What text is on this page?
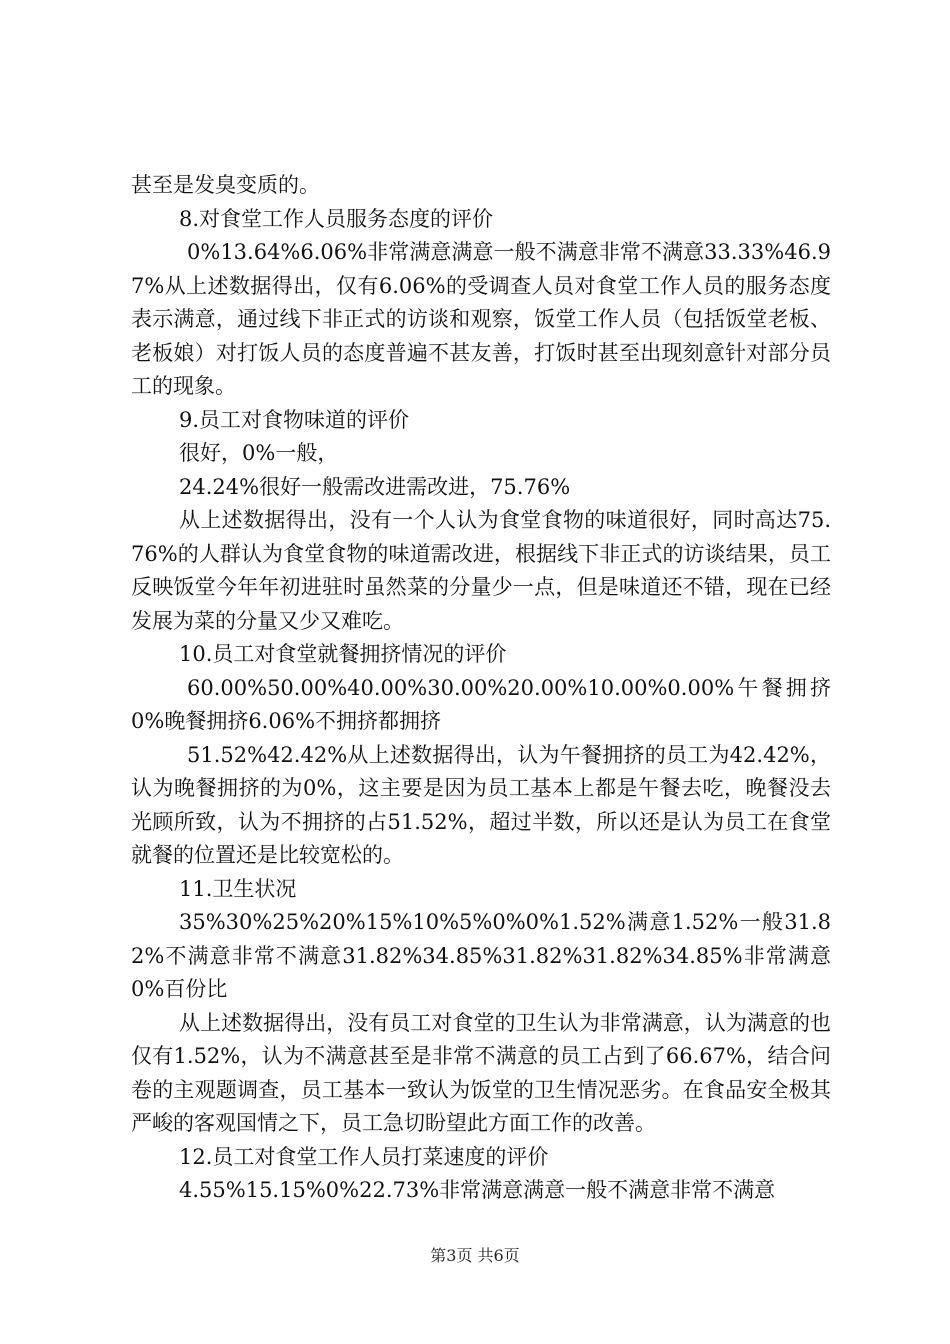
甚至是发臭变质的。

8.对食堂工作人员服务态度的评价

0%13.64%6.06%非常满意满意一般不满意非常不满意33.33%46.97%从上述数据得出，仅有6.06%的受调查人员对食堂工作人员的服务态度表示满意，通过线下非正式的访谈和观察，饭堂工作人员（包括饭堂老板、老板娘）对打饭人员的态度普遍不甚友善，打饭时甚至出现刻意针对部分员工的现象。

9.员工对食物味道的评价

很好，0%一般，

24.24%很好一般需改进需改进，75.76%

从上述数据得出，没有一个人认为食堂食物的味道很好，同时高达75.76%的人群认为食堂食物的味道需改进，根据线下非正式的访谈结果，员工反映饭堂今年年初进驻时虽然菜的分量少一点，但是味道还不错，现在已经发展为菜的分量又少又难吃。

10.员工对食堂就餐拥挤情况的评价

60.00%50.00%40.00%30.00%20.00%10.00%0.00%午餐拥挤0%晚餐拥挤6.06%不拥挤都拥挤

51.52%42.42%从上述数据得出，认为午餐拥挤的员工为42.42%，认为晚餐拥挤的为0%，这主要是因为员工基本上都是午餐去吃，晚餐没去光顾所致，认为不拥挤的占51.52%，超过半数，所以还是认为员工在食堂就餐的位置还是比较宽松的。

11.卫生状况

35%30%25%20%15%10%5%0%0%1.52%满意1.52%一般31.82%不满意非常不满意31.82%34.85%31.82%31.82%34.85%非常满意0%百份比

从上述数据得出，没有员工对食堂的卫生认为非常满意，认为满意的也仅有1.52%，认为不满意甚至是非常不满意的员工占到了66.67%，结合问卷的主观题调查，员工基本一致认为饭堂的卫生情况恶劣。在食品安全极其严峻的客观国情之下，员工急切盼望此方面工作的改善。

12.员工对食堂工作人员打菜速度的评价

4.55%15.15%0%22.73%非常满意满意一般不满意非常不满意

第3页 共6页
